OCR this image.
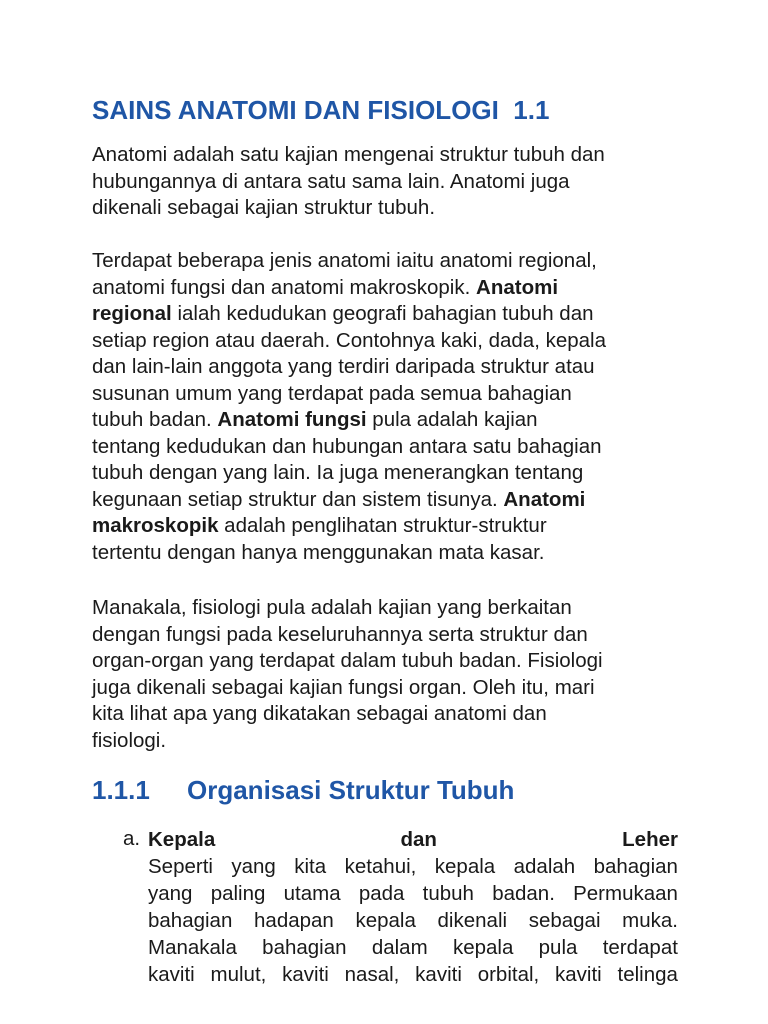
SAINS ANATOMI DAN FISIOLOGI  1.1
Anatomi adalah satu kajian mengenai struktur tubuh dan
hubungannya di antara satu sama lain. Anatomi juga
dikenali sebagai kajian struktur tubuh.
Terdapat beberapa jenis anatomi iaitu anatomi regional,
anatomi fungsi dan anatomi makroskopik. Anatomi
regional ialah kedudukan geografi bahagian tubuh dan
setiap region atau daerah. Contohnya kaki, dada, kepala
dan lain-lain anggota yang terdiri daripada struktur atau
susunan umum yang terdapat pada semua bahagian
tubuh badan. Anatomi fungsi pula adalah kajian
tentang kedudukan dan hubungan antara satu bahagian
tubuh dengan yang lain. Ia juga menerangkan tentang
kegunaan setiap struktur dan sistem tisunya. Anatomi
makroskopik adalah penglihatan struktur-struktur
tertentu dengan hanya menggunakan mata kasar.
Manakala, fisiologi pula adalah kajian yang berkaitan
dengan fungsi pada keseluruhannya serta struktur dan
organ-organ yang terdapat dalam tubuh badan. Fisiologi
juga dikenali sebagai kajian fungsi organ. Oleh itu, mari
kita lihat apa yang dikatakan sebagai anatomi dan
fisiologi.
1.1.1 Organisasi Struktur Tubuh
a. Kepala	dan	Leher
Seperti yang kita ketahui, kepala adalah bahagian
yang paling utama pada tubuh badan. Permukaan
bahagian hadapan kepala dikenali sebagai muka.
Manakala bahagian dalam kepala pula terdapat
kaviti mulut, kaviti nasal, kaviti orbital, kaviti telinga
